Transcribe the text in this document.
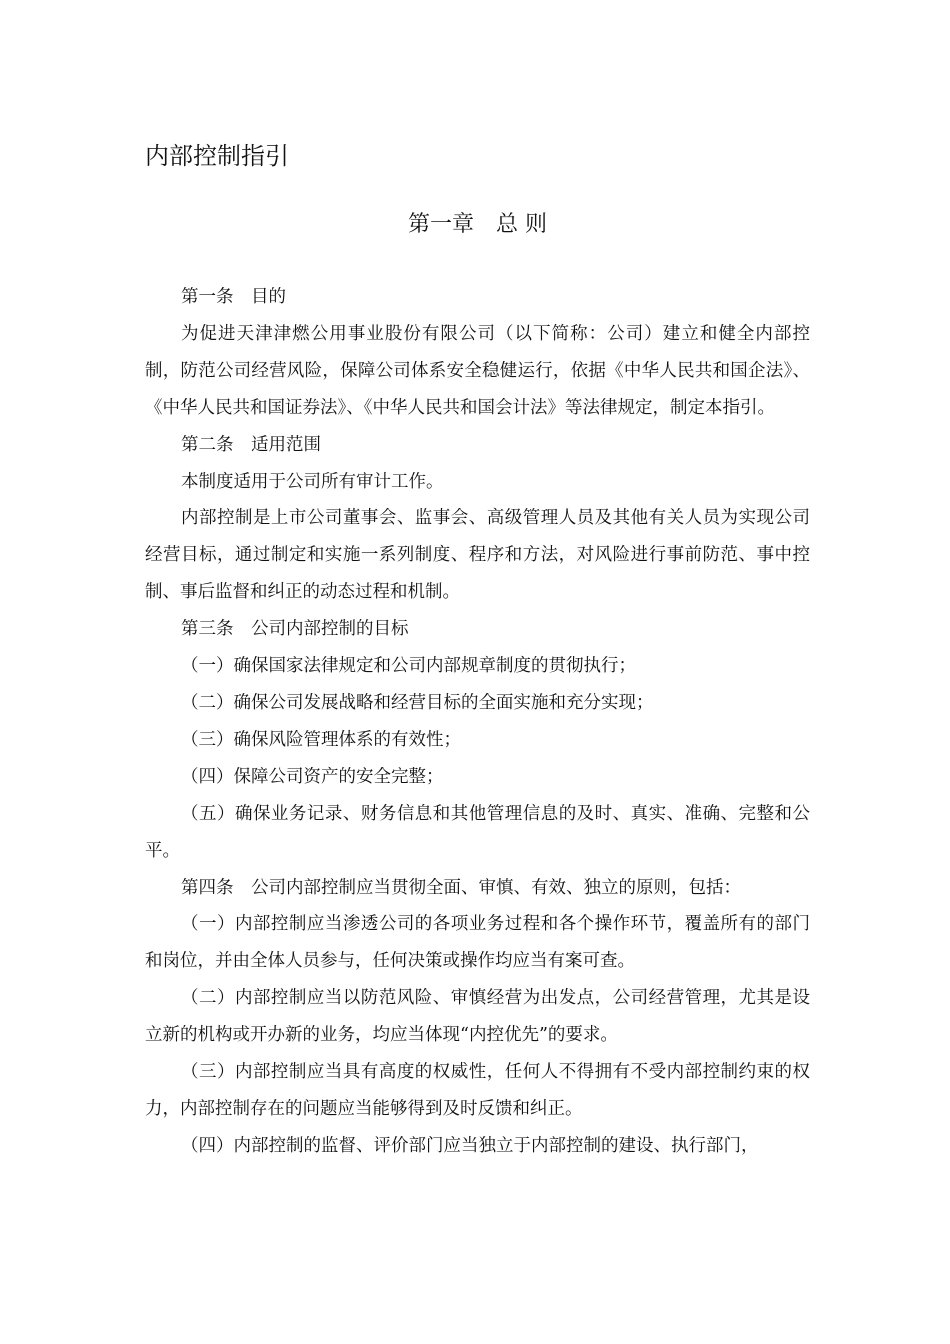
内部控制指引
第一章　总 则

第一条　目的

为促进天津津燃公用事业股份有限公司（以下简称：公司）建立和健全内部控制，防范公司经营风险，保障公司体系安全稳健运行，依据《中华人民共和国企法》、《中华人民共和国证券法》、《中华人民共和国会计法》等法律规定，制定本指引。

第二条　适用范围

本制度适用于公司所有审计工作。

内部控制是上市公司董事会、监事会、高级管理人员及其他有关人员为实现公司经营目标，通过制定和实施一系列制度、程序和方法，对风险进行事前防范、事中控制、事后监督和纠正的动态过程和机制。

第三条　公司内部控制的目标

（一）确保国家法律规定和公司内部规章制度的贯彻执行；

（二）确保公司发展战略和经营目标的全面实施和充分实现；

（三）确保风险管理体系的有效性；

（四）保障公司资产的安全完整；

（五）确保业务记录、财务信息和其他管理信息的及时、真实、准确、完整和公平。

第四条　公司内部控制应当贯彻全面、审慎、有效、独立的原则，包括：

（一）内部控制应当渗透公司的各项业务过程和各个操作环节，覆盖所有的部门和岗位，并由全体人员参与，任何决策或操作均应当有案可查。

（二）内部控制应当以防范风险、审慎经营为出发点，公司经营管理，尤其是设立新的机构或开办新的业务，均应当体现“内控优先”的要求。

（三）内部控制应当具有高度的权威性，任何人不得拥有不受内部控制约束的权力，内部控制存在的问题应当能够得到及时反馈和纠正。

（四）内部控制的监督、评价部门应当独立于内部控制的建设、执行部门，
